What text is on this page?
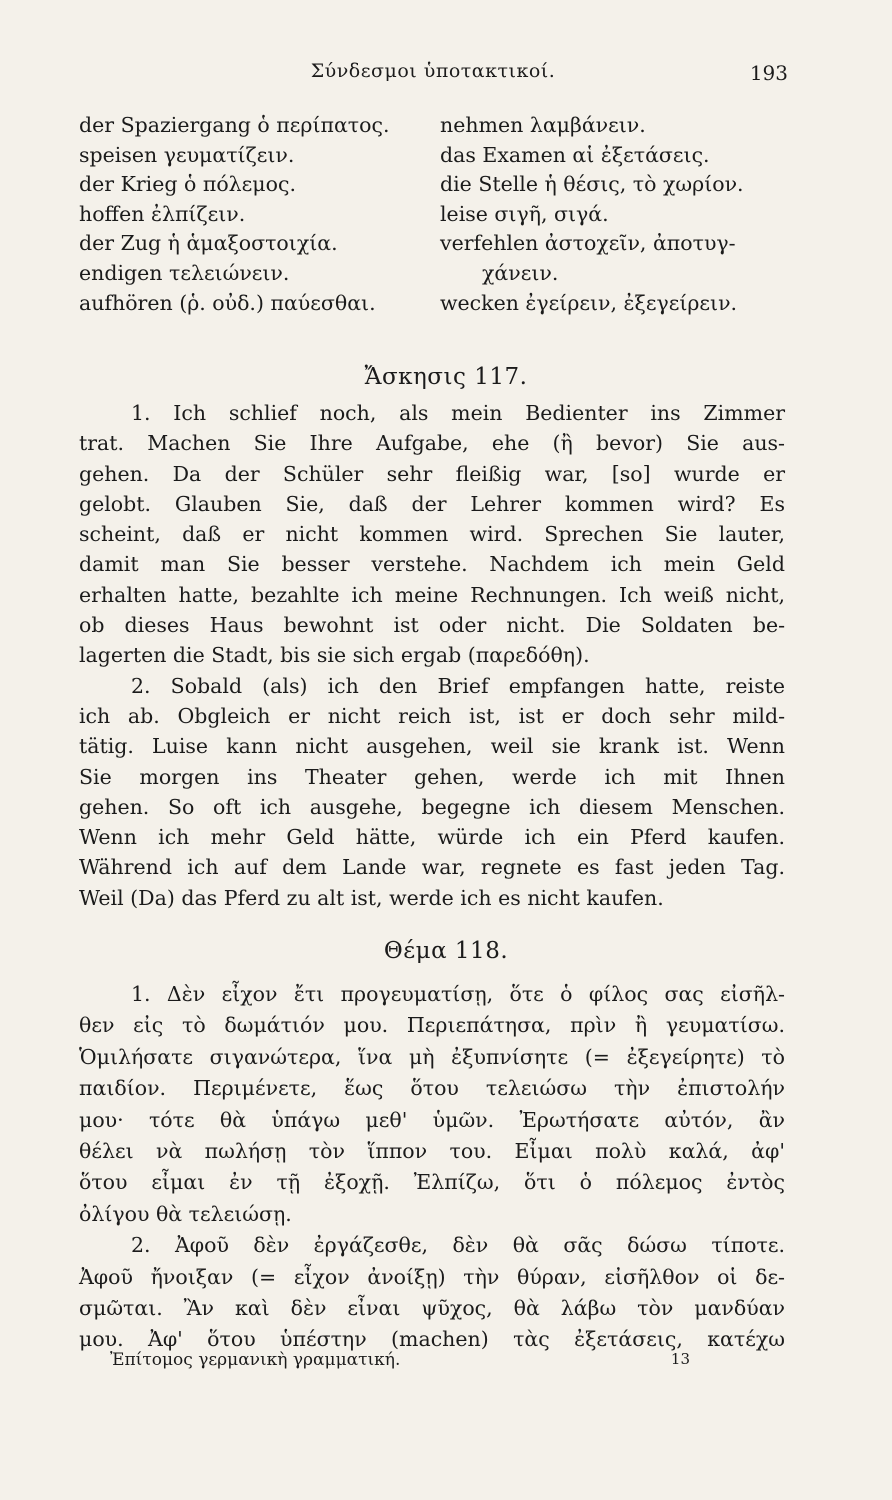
Σύνδεσμοι ὑποτακτικοί.	193
der Spaziergang ὁ περίπατος.
speisen γευματίζειν.
der Krieg ὁ πόλεμος.
hoffen ἐλπίζειν.
der Zug ἡ ἁμαξοστοιχία.
endigen τελειώνειν.
aufhören (ῥ. οὐδ.) παύεσθαι.
nehmen λαμβάνειν.
das Examen αἱ ἐξετάσεις.
die Stelle ἡ θέσις, τὸ χωρίον.
leise σιγῆ, σιγά.
verfehlen ἀστοχεῖν, ἀποτυγ-
χάνειν.
wecken ἐγείρειν, ἐξεγείρειν.
Ἄσκησις 117.
1. Ich schlief noch, als mein Bedienter ins Zimmer
trat. Machen Sie Ihre Aufgabe, ehe (ἢ bevor) Sie aus-
gehen. Da der Schüler sehr fleißig war, [so] wurde er
gelobt. Glauben Sie, daß der Lehrer kommen wird? Es
scheint, daß er nicht kommen wird. Sprechen Sie lauter,
damit man Sie besser verstehe. Nachdem ich mein Geld
erhalten hatte, bezahlte ich meine Rechnungen. Ich weiß nicht,
ob dieses Haus bewohnt ist oder nicht. Die Soldaten be-
lagerten die Stadt, bis sie sich ergab (παρεδόθη).
2. Sobald (als) ich den Brief empfangen hatte, reiste
ich ab. Obgleich er nicht reich ist, ist er doch sehr mild-
tätig. Luise kann nicht ausgehen, weil sie krank ist. Wenn
Sie morgen ins Theater gehen, werde ich mit Ihnen
gehen. So oft ich ausgehe, begegne ich diesem Menschen.
Wenn ich mehr Geld hätte, würde ich ein Pferd kaufen.
Während ich auf dem Lande war, regnete es fast jeden Tag.
Weil (Da) das Pferd zu alt ist, werde ich es nicht kaufen.
Θέμα 118.
1. Δὲν εἶχον ἔτι προγευματίσῃ, ὅτε ὁ φίλος σας εἰσῆλ-
θεν εἰς τὸ δωμάτιόν μου. Περιεπάτησα, πρὶν ἢ γευματίσω.
Ὁμιλήσατε σιγανώτερα, ἵνα μὴ ἐξυπνίσητε (= ἐξεγείρητε) τὸ
παιδίον. Περιμένετε, ἕως ὅτου τελειώσω τὴν ἐπιστολήν
μου· τότε θὰ ὑπάγω μεθ' ὑμῶν. Ἐρωτήσατε αὐτόν, ἂν
θέλει νὰ πωλήσῃ τὸν ἵππον του. Εἶμαι πολὺ καλά, ἀφ'
ὅτου εἶμαι ἐν τῇ ἐξοχῇ. Ἐλπίζω, ὅτι ὁ πόλεμος ἐντὸς
ὀλίγου θὰ τελειώσῃ.
2. Ἀφοῦ δὲν ἐργάζεσθε, δὲν θὰ σᾶς δώσω τίποτε.
Ἀφοῦ ἤνοιξαν (= εἶχον ἀνοίξῃ) τὴν θύραν, εἰσῆλθον οἱ δε-
σμῶται. Ἂν καὶ δὲν εἶναι ψῦχος, θὰ λάβω τὸν μανδύαν
μου. Ἀφ' ὅτου ὑπέστην (machen) τὰς ἐξετάσεις, κατέχω
Ἐπίτομος γερμανικὴ γραμματική.	13
